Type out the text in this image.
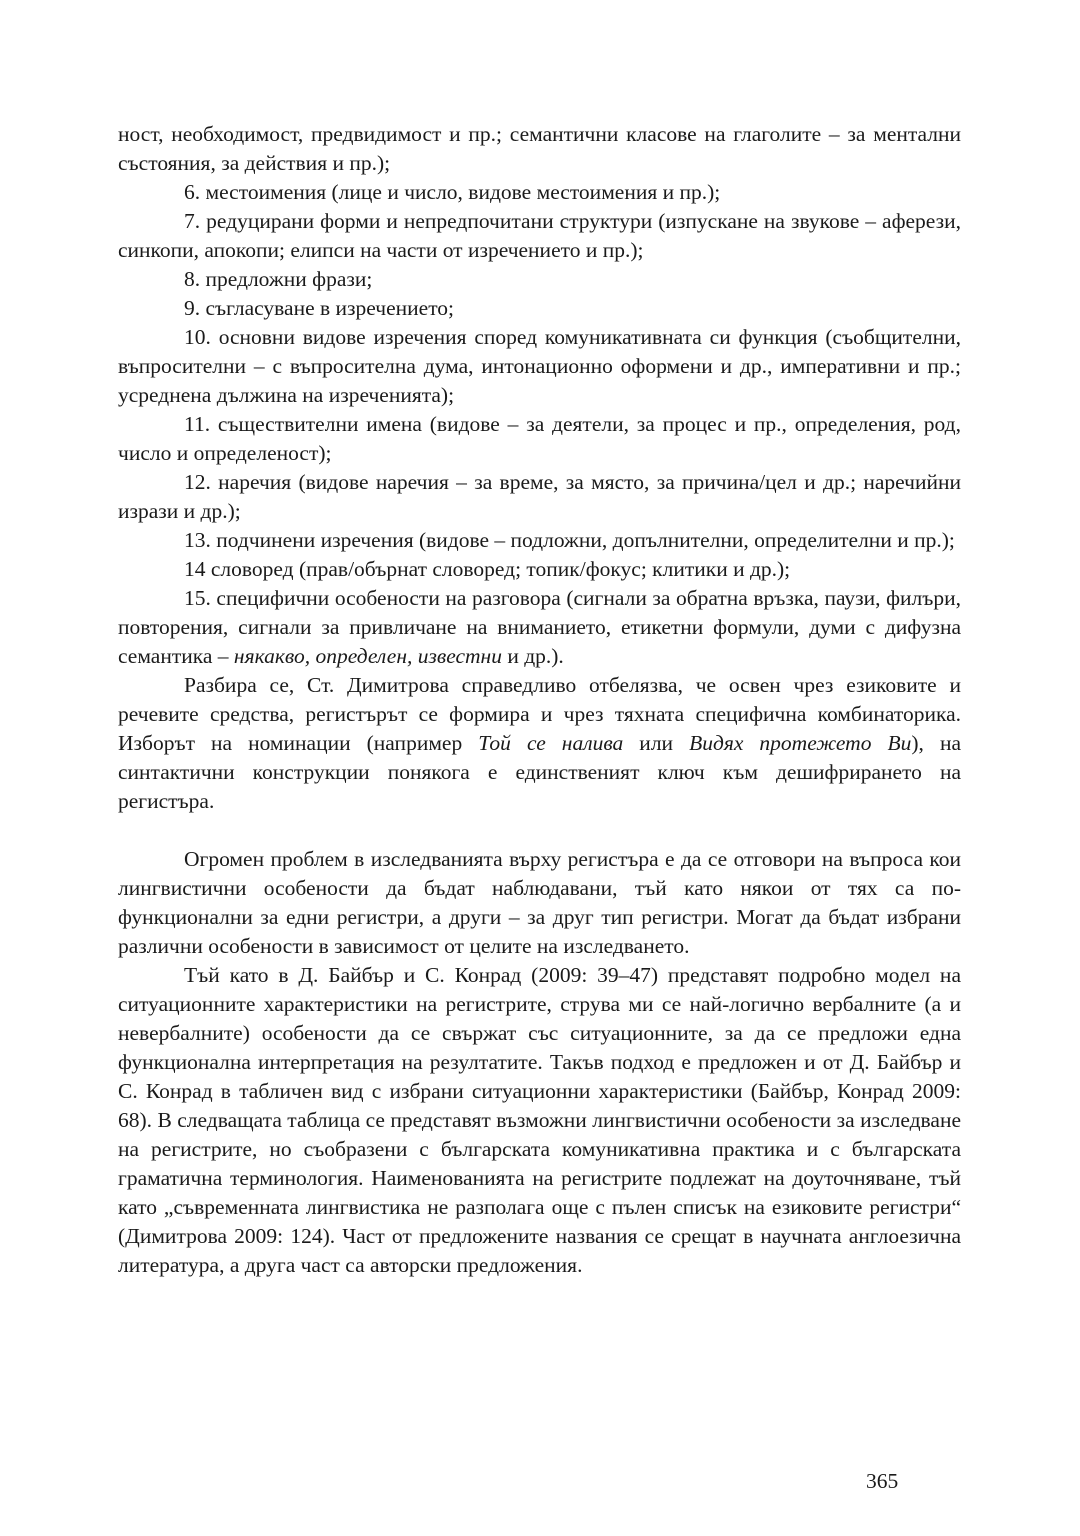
ност, необходимост, предвидимост и пр.; семантични класове на глаголите – за ментални състояния, за действия и пр.);

6. местоимения (лице и число, видове местоимения и пр.);

7. редуцирани форми и непредпочитани структури (изпускане на звукове – аферези, синкопи, апокопи; елипси на части от изречението и пр.);

8. предложни фрази;

9. съгласуване в изречението;

10. основни видове изречения според комуникативната си функция (съобщителни, въпросителни – с въпросителна дума, интонационно оформени и др., императивни и пр.; усреднена дължина на изреченията);

11. съществителни имена (видове – за деятели, за процес и пр., определения, род, число и определеност);

12. наречия (видове наречия – за време, за място, за причина/цел и др.; наречийни изрази и др.);

13. подчинени изречения (видове – подложни, допълнителни, определителни и пр.);

14 словоред (прав/обърнат словоред; топик/фокус; клитики и др.);

15. специфични особености на разговора (сигнали за обратна връзка, паузи, филъри, повторения, сигнали за привличане на вниманието, етикетни формули, думи с дифузна семантика – някакво, определен, известни и др.).

Разбира се, Ст. Димитрова справедливо отбелязва, че освен чрез езиковите и речевите средства, регистърът се формира и чрез тяхната специфична комбинаторика. Изборът на номинации (например Той се налива или Видях протежето Ви), на синтактични конструкции понякога е единственият ключ към дешифрирането на регистъра.

Огромен проблем в изследванията върху регистъра е да се отговори на въпроса кои лингвистични особености да бъдат наблюдавани, тъй като някои от тях са по-функционални за едни регистри, а други – за друг тип регистри. Могат да бъдат избрани различни особености в зависимост от целите на изследването.

Тъй като в Д. Байбър и С. Конрад (2009: 39–47) представят подробно модел на ситуационните характеристики на регистрите, струва ми се най-логично вербалните (а и невербалните) особености да се свържат със ситуационните, за да се предложи една функционална интерпретация на резултатите. Такъв подход е предложен и от Д. Байбър и С. Конрад в табличен вид с избрани ситуационни характеристики (Байбър, Конрад 2009: 68). В следващата таблица се представят възможни лингвистични особености за изследване на регистрите, но съобразени с българската комуникативна практика и с българската граматична терминология. Наименованията на регистрите подлежат на доуточняване, тъй като „съвременната лингвистика не разполага още с пълен списък на езиковите регистри“ (Димитрова 2009: 124). Част от предложените названия се срещат в научната англоезична литература, а друга част са авторски предложения.

365
